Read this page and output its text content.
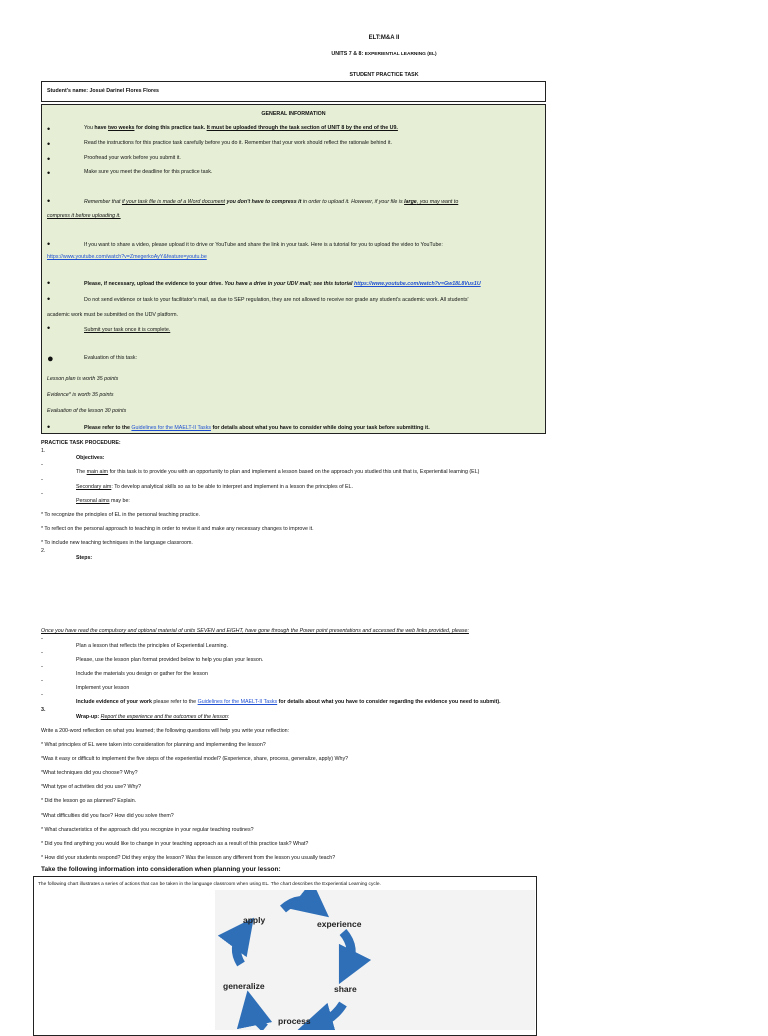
ELT:M&A II
UNITS 7 & 8: EXPERIENTIAL LEARNING (EL)
STUDENT PRACTICE TASK
Student's name: Josué Darinel Flores Flores
GENERAL INFORMATION
•	You have two weeks for doing this practice task. It must be uploaded through the task section of UNIT 8 by the end of the U9.
•	Read the instructions for this practice task carefully before you do it. Remember that your work should reflect the rationale behind it.
•	Proofread your work before you submit it.
•	Make sure you meet the deadline for this practice task.
•	Remember that if your task file is made of a Word document you don't have to compress it in order to upload it. However, if your file is large, you may want to
compress it before uploading it.
•	If you want to share a video, please upload it to drive or YouTube and share the link in your task. Here is a tutorial for you to upload the video to YouTube:
https://www.youtube.com/watch?v=ZmegerkoAyY&feature=youtu.be
•	Please, if necessary, upload the evidence to your drive. You have a drive in your UDV mail; see this tutorial https://www.youtube.com/watch?v=Gw18L8Vus1U
•	Do not send evidence or task to your facilitator's mail, as due to SEP regulation, they are not allowed to receive nor grade any student's academic work. All students'
academic work must be submitted on the UDV platform.
•	Submit your task once it is complete.
●	Evaluation of this task:
Lesson plan is worth 35 points
Evidence* is worth 35 points
Evaluation of the lesson 30 points
•	Please refer to the Guidelines for the MAELT-II Tasks for details about what you have to consider while doing your task before submitting it.
PRACTICE TASK PROCEDURE:
1.
Objectives:
-
The main aim for this task is to provide you with an opportunity to plan and implement a lesson based on the approach you studied this unit that is, Experiential learning (EL)
-
Secondary aim: To develop analytical skills so as to be able to interpret and implement in a lesson the principles of EL.
-
Personal aims may be:
* To recognize the principles of EL in the personal teaching practice.
* To reflect on the personal approach to teaching in order to revise it and make any necessary changes to improve it.
* To include new teaching techniques in the language classroom.
2.
Steps:
Once you have read the compulsory and optional material of units SEVEN and EIGHT, have gone through the Power point presentations and accessed the web links provided, please:
-
Plan a lesson that reflects the principles of Experiential Learning.
-
Please, use the lesson plan format provided below to help you plan your lesson.
-
Include the materials you design or gather for the lesson
-
Implement your lesson
-
Include evidence of your work please refer to the Guidelines for the MAELT-II Tasks for details about what you have to consider regarding the evidence you need to submit).
3.
Wrap-up: Report the experience and the outcomes of the lesson:
Write a 200-word reflection on what you learned; the following questions will help you write your reflection:
* What principles of EL were taken into consideration for planning and implementing the lesson?
*Was it easy or difficult to implement the five steps of the experiential model? (Experience, share, process, generalize, apply) Why?
*What techniques did you choose? Why?
*What type of activities did you use? Why?
* Did the lesson go as planned? Explain.
*What difficulties did you face? How did you solve them?
* What characteristics of the approach did you recognize in your regular teaching routines?
* Did you find anything you would like to change in your teaching approach as a result of this practice task? What?
* How did your students respond? Did they enjoy the lesson? Was the lesson any different from the lesson you usually teach?
Take the following information into consideration when planning your lesson:
The following chart illustrates a series of actions that can be taken in the language classroom when using EL. The chart describes the Experiential Learning cycle.
apply	experience
generalize	share
process
